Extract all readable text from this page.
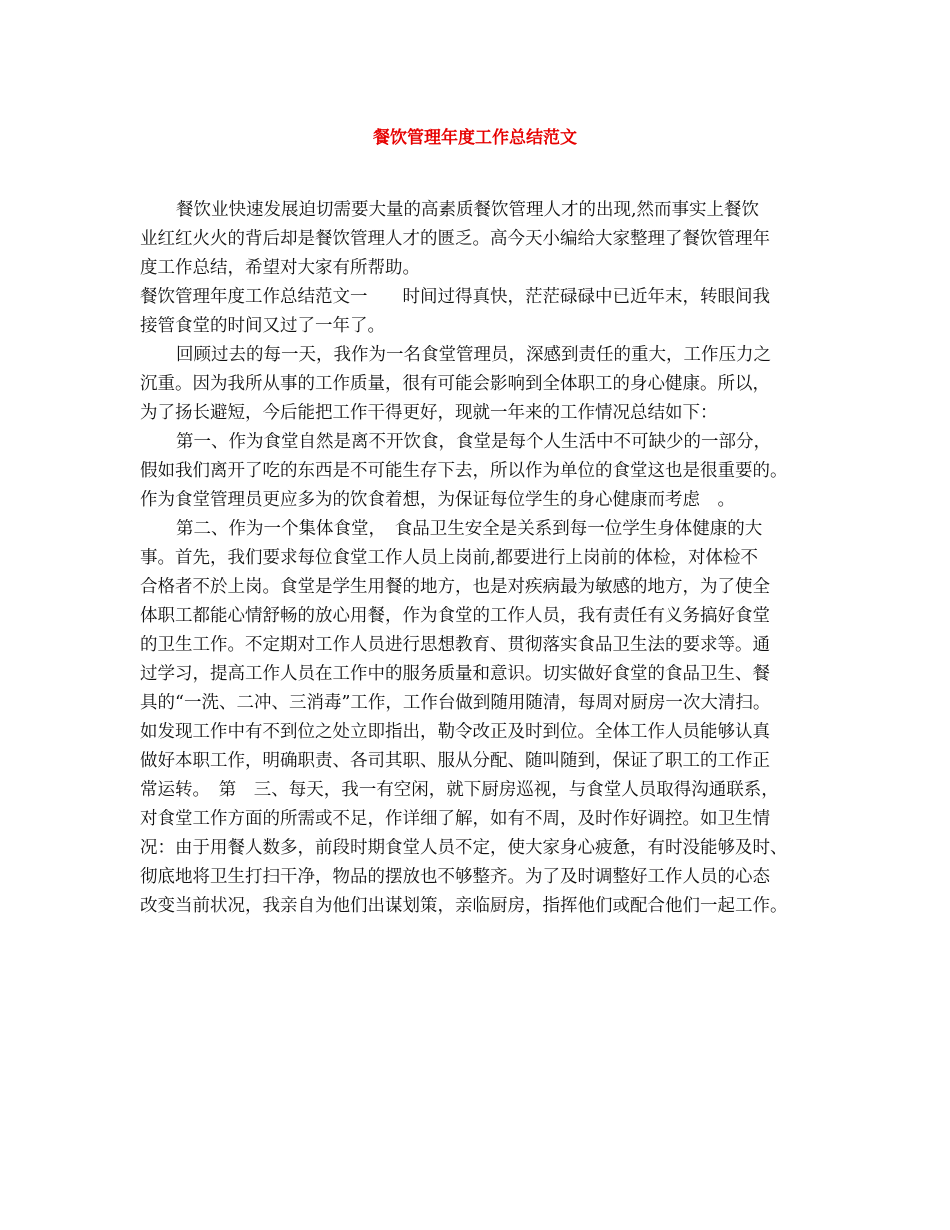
餐饮管理年度工作总结范文
餐饮业快速发展迫切需要大量的高素质餐饮管理人才的出现,然而事实上餐饮
业红红火火的背后却是餐饮管理人才的匮乏。高今天小编给大家整理了餐饮管理年
度工作总结，希望对大家有所帮助。
餐饮管理年度工作总结范文一　　时间过得真快，茫茫碌碌中已近年末，转眼间我
接管食堂的时间又过了一年了。
回顾过去的每一天，我作为一名食堂管理员，深感到责任的重大，工作压力之
沉重。因为我所从事的工作质量，很有可能会影响到全体职工的身心健康。所以，
为了扬长避短，今后能把工作干得更好，现就一年来的工作情况总结如下：
第一、作为食堂自然是离不开饮食，食堂是每个人生活中不可缺少的一部分，
假如我们离开了吃的东西是不可能生存下去，所以作为单位的食堂这也是很重要的。
作为食堂管理员更应多为的饮食着想，为保证每位学生的身心健康而考虑　。
第二、作为一个集体食堂，　食品卫生安全是关系到每一位学生身体健康的大
事。首先，我们要求每位食堂工作人员上岗前,都要进行上岗前的体检，对体检不
合格者不於上岗。食堂是学生用餐的地方，也是对疾病最为敏感的地方，为了使全
体职工都能心情舒畅的放心用餐，作为食堂的工作人员，我有责任有义务搞好食堂
的卫生工作。不定期对工作人员进行思想教育、贯彻落实食品卫生法的要求等。通
过学习，提高工作人员在工作中的服务质量和意识。切实做好食堂的食品卫生、餐
具的“一洗、二冲、三消毒”工作，工作台做到随用随清，每周对厨房一次大清扫。
如发现工作中有不到位之处立即指出，勒令改正及时到位。全体工作人员能够认真
做好本职工作，明确职责、各司其职、服从分配、随叫随到，保证了职工的工作正
常运转。　第　三、每天，我一有空闲，就下厨房巡视，与食堂人员取得沟通联系，
对食堂工作方面的所需或不足，作详细了解，如有不周，及时作好调控。如卫生情
况：由于用餐人数多，前段时期食堂人员不定，使大家身心疲惫，有时没能够及时、
彻底地将卫生打扫干净，物品的摆放也不够整齐。为了及时调整好工作人员的心态
改变当前状况，我亲自为他们出谋划策，亲临厨房，指挥他们或配合他们一起工作。
